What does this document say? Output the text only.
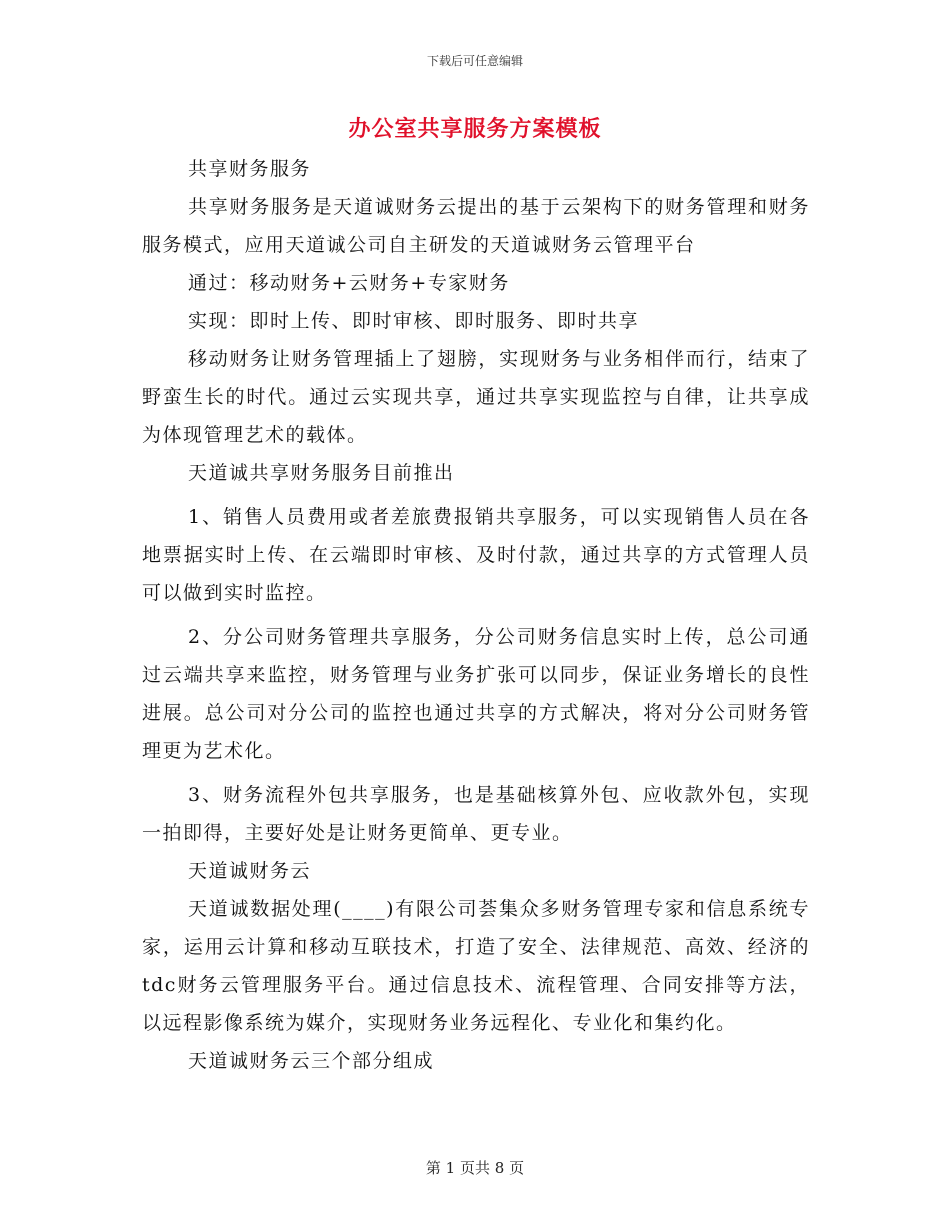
下载后可任意编辑
办公室共享服务方案模板

共享财务服务

共享财务服务是天道诚财务云提出的基于云架构下的财务管理和财务服务模式，应用天道诚公司自主研发的天道诚财务云管理平台

通过：移动财务+云财务+专家财务

实现：即时上传、即时审核、即时服务、即时共享

移动财务让财务管理插上了翅膀，实现财务与业务相伴而行，结束了野蛮生长的时代。通过云实现共享，通过共享实现监控与自律，让共享成为体现管理艺术的载体。

天道诚共享财务服务目前推出

1、销售人员费用或者差旅费报销共享服务，可以实现销售人员在各地票据实时上传、在云端即时审核、及时付款，通过共享的方式管理人员可以做到实时监控。

2、分公司财务管理共享服务，分公司财务信息实时上传，总公司通过云端共享来监控，财务管理与业务扩张可以同步，保证业务增长的良性进展。总公司对分公司的监控也通过共享的方式解决，将对分公司财务管理更为艺术化。

3、财务流程外包共享服务，也是基础核算外包、应收款外包，实现一拍即得，主要好处是让财务更简单、更专业。

天道诚财务云

天道诚数据处理(____)有限公司荟集众多财务管理专家和信息系统专家，运用云计算和移动互联技术，打造了安全、法律规范、高效、经济的tdc财务云管理服务平台。通过信息技术、流程管理、合同安排等方法，以远程影像系统为媒介，实现财务业务远程化、专业化和集约化。

天道诚财务云三个部分组成

第 1 页共 8 页
